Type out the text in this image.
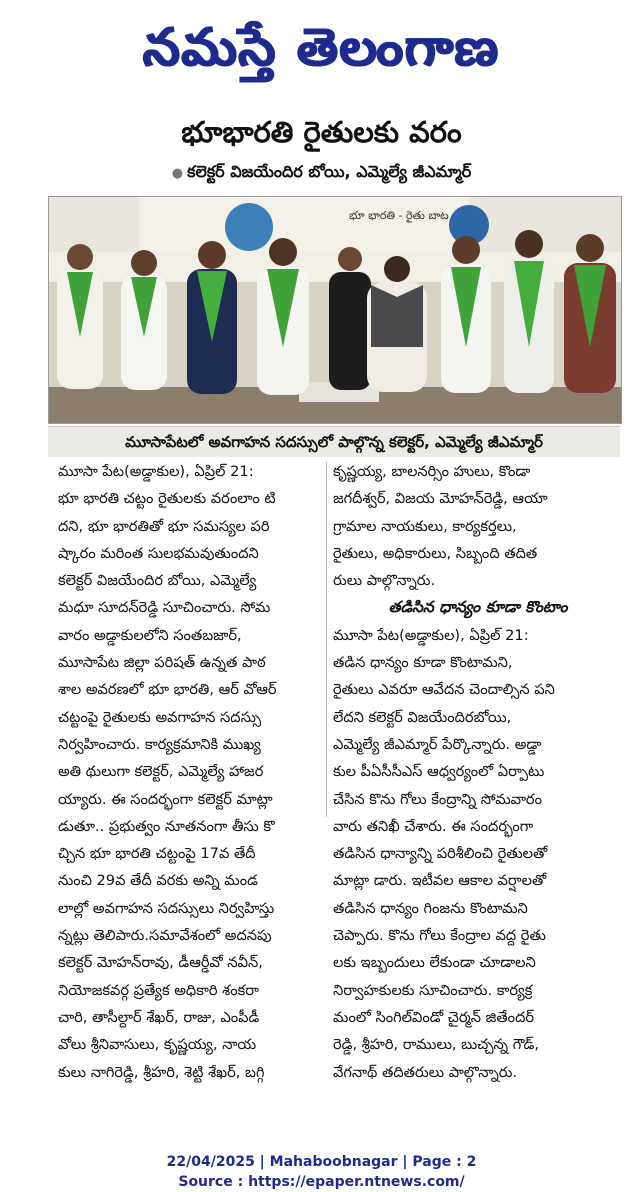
నమస్తే తెలంగాణ
భూభారతి రైతులకు వరం
● కలెక్టర్ విజయేందిర బోయి, ఎమ్మెల్యే జీఎమ్మార్
భూ భారతి - రైతు బాట
మూసాపేటలో అవగాహన సదస్సులో పాల్గొన్న కలెక్టర్, ఎమ్మెల్యే జీఎమ్మార్
మూసా పేట(అడ్డాకుల), ఏప్రిల్ 21:
భూ భారతి చట్టం రైతులకు వరంలాం టి
దని, భూ భారతితో భూ సమస్యల పరి
ష్కారం మరింత సులభమవుతుందని
కలెక్టర్ విజయేందిర బోయి, ఎమ్మెల్యే
మధూ సూదన్‌రెడ్డి సూచించారు. సోమ
వారం అడ్డాకులలోని సంతబజార్,
మూసాపేట జిల్లా పరిషత్ ఉన్నత పాఠ
శాల అవరణలో భూ భారతి, ఆర్ వోఆర్
చట్టంపై రైతులకు అవగాహన సదస్సు
నిర్వహించారు. కార్యక్రమానికి ముఖ్య
అతి థులుగా కలెక్టర్, ఎమ్మెల్యే హాజర
య్యారు. ఈ సందర్భంగా కలెక్టర్ మాట్లా
డుతూ.. ప్రభుత్వం నూతనంగా తీసు కొ
చ్చిన భూ భారతి చట్టంపై 17వ తేదీ
నుంచి 29వ తేదీ వరకు అన్ని మండ
లాల్లో అవగాహన సదస్సులు నిర్వహిస్తు
న్నట్లు తెలిపారు.సమావేశంలో అదనపు
కలెక్టర్ మోహన్‌రావు, డీఆర్డీవో నవీన్,
నియోజకవర్గ ప్రత్యేక అధికారి శంకరా
చారి, తాసీల్దార్ శేఖర్, రాజు, ఎంపీడీ
వోలు శ్రీనివాసులు, కృష్ణయ్య, నాయ
కులు నాగిరెడ్డి, శ్రీహరి, శెట్టి శేఖర్, బగ్గి
కృష్ణయ్య, బాలనర్సిం హులు, కొండా
జగదీశ్వర్, విజయ మోహన్‌రెడ్డి, ఆయా
గ్రామాల నాయకులు, కార్యకర్తలు,
రైతులు, అధికారులు, సిబ్బంది తదిత
రులు పాల్గొన్నారు.
తడిసిన ధాన్యం కూడా కొంటాం
మూసా పేట(అడ్డాకుల), ఏప్రిల్ 21:
తడిన ధాన్యం కూడా కొంటామని,
రైతులు ఎవరూ ఆవేదన చెందాల్సిన పని
లేదని కలెక్టర్ విజయేందిరబోయి,
ఎమ్మెల్యే జీఎమ్మార్ పేర్కొన్నారు. అడ్డా
కుల పీఏసీసీఎస్ ఆధ్వర్యంలో ఏర్పాటు
చేసిన కొను గోలు కేంద్రాన్ని సోమవారం
వారు తనిఖీ చేశారు. ఈ సందర్భంగా
తడిసిన ధాన్యాన్ని పరిశీలించి రైతులతో
మాట్లా డారు. ఇటీవల ఆకాల వర్షాలతో
తడిసిన ధాన్యం గింజను కొంటామని
చెప్పారు. కొను గోలు కేంద్రాల వద్ద రైతు
లకు ఇబ్బందులు లేకుండా చూడాలని
నిర్వాహకులకు సూచించారు. కార్యక్ర
మంలో సింగిల్‌విండో చైర్మన్ జితేందర్
రెడ్డి, శ్రీహరి, రాములు, బుచ్చన్న గౌడ్,
వేగనాథ్ తదితరులు పాల్గొన్నారు.
22/04/2025 | Mahaboobnagar | Page : 2
Source : https://epaper.ntnews.com/
